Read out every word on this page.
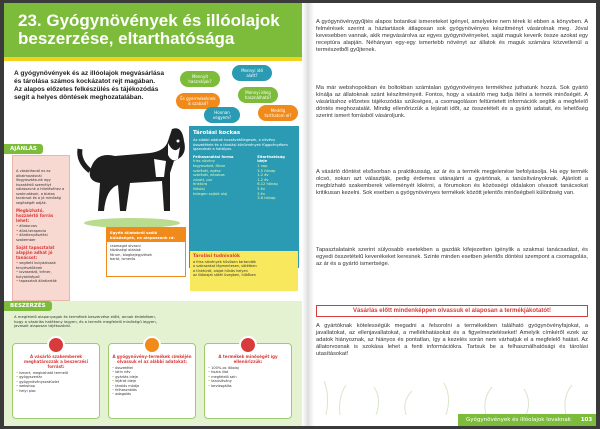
23. Gyógynövények és illóolajok beszerzése, eltarthatósága

A gyógynövények és az illóolajok megvásárlása és tárolása számos kockázatot rejt magában. Az alapos előzetes felkészülés és tájékozódás segít a helyes döntések meghozatalában.

AJÁNLÁS

A vásárlásnál ez az alkalmazásnál lfogyasztásunk egy hozzáértő személyt válasszunk a hiteléséhez a szakrudások, a biztos tanácsot és a jó minőség segítségét adják.

Megbízható, hozzáértő forrás lehet:

• állatorvos
• állat-terapeuta
• állattenyésztési szakember

Saját tapasztalat alapján adhat jó tanácsot:

• segített kutyáztosak tenyésztőknek
• lovasedző, tréner, kutyakiképző
• tapasztalt állattartók
Mennyit használjak?
Mennyi idő alatt?
És gyermekeknek is szabad?
Mennyi ideig használható?
Honnan vegyem?
Meddig tarthatom el?
Tárolási kockas

Az alábbi adatok hozzávetőlegesek, a növény összetétele és a tárolási körülmények függvényében igazodnak a hatályos.

Felhasználási forma
friss növény
fagyasztott, főzve
szárított, egész
szárított, darabos
zúzott, por
tinktúra
illóolaj
hidegen sajtolt olaj
Eltarthatóság ideje
1 nap
3-5 hónap
1-2 év
1-2 év
6-12 hónap
5 év
3 év
3-6 hónap
Egyéb állatokról szóló külsőségek, ne alapozzunk rá:
csomagot olvasni
közösségi oldalak
fórum, blogbejegyzések
barát, ismerős
Tárolási tudnivalók
a friss növények hűvösen tartandók
a szárazakat légmentesen, sötétben
a tinktúrát, olajat hűvös helyen
az illóolajat sötét üvegben, hűtőben
BESZERZÉS

A megfelelő alapanyagok és termékek beszerzése előtt, annak érdekében, hogy a vásárlás hatékony legyen, és a termék megfelelő minőségű legyen, javasolt alaposan tájékozódni.

A vásárló szakemberek meghatározzák a beszerzési forrást:
• ismert, megbízható termelő
• gyógyszertár
• gyógynövényszaküzlet
• webshop
• helyi piac
A gyógynövény-termékek címkéjén olvassuk el az alábbi adatokat:
• összetétel
• latin név
• gyártás ideje
• lejárat ideje
• tárolás módja
• felhasználás
• adagolás
A termékek minőségét így ellenőrizzük:
• 100%-os illóolaj
• tiszta illat
• megfelelő szín
• tanúsítvány
• bevizsgálás

A gyógynövénygyűjtés alapos botanikai ismereteket igényel, amelyekre nem térek ki ebben a könyvben. A felmérések szerint a háztartások átlagosan sok gyógynövényes készítményt vásárolnak meg. Jóval kevesebben vannak, akik megvásárolva az egyes gyógynövényeket, saját maguk keverik össze azokat egy receptúra alapján. Néhányan egy-egy ismertebb növényt az állatok és maguk számára közvetlenül a természetből gyűjtenek.

Ma már webshopokban és boltokban számtalan gyógynövényes termékhez juthatunk hozzá. Sok gyártó kínálja az állatoknak szánt készítményeit. Fontos, hogy a vásárló meg tudja ítélni a termék minőségét. A vásárláshoz előzetes tájékozódás szükséges, a csomagoláson feltüntetett információk segítik a megfelelő döntés meghozatalát. Mindig ellenőrizzük a lejárati időt, az összetételt és a gyártó adatait, és lehetőség szerint ismert forrásból vásároljunk.

A vásárló döntést elsősorban a praktikusság, az ár és a termék megjelenése befolyásolja. Ha egy termék olcsó, sokan azt választják, pedig érdemes utánajárni a gyártónak, a tanúsítványoknak. Ajánlott a megbízható szakemberek véleményét kikérni, a fórumokon és közösségi oldalakon olvasott tanácsokat kritikusan kezelni. Sok esetben a gyógynövényes termékek között jelentős minőségbeli különbség van.

Tapasztalataink szerint sülyosabb esetekben a gazdák kifejezetten igénylik a szakmai tanácsadást, és egyedi összetételű keverékeket keresnek. Szinte minden esetben jelentős döntési szempont a csomagolás, az ár és a gyártó ismertsége.

Vásárlás előtt mindenképpen olvassuk el alaposan a termékjákotatót!

A gyártóknak kötelességük megadni a felsorolni a termékekben található gyógynövényfajokat, a javallatokat, az ellenjavallatokat, a mellékhatásokat és a figyelmeztetéseket! Amelyik címkéről ezek az adatok hiányoznak, az hiányos és pontatlan, így a kezelés során nem várhatjuk el a megfelelő hatást. Az állatorvosnak is szokása lehet a fenti információkra. Tartsuk be a felhasználhatósági és tárolási utasításokat!

Gyógynövények és illóolajok lovaknak 103
